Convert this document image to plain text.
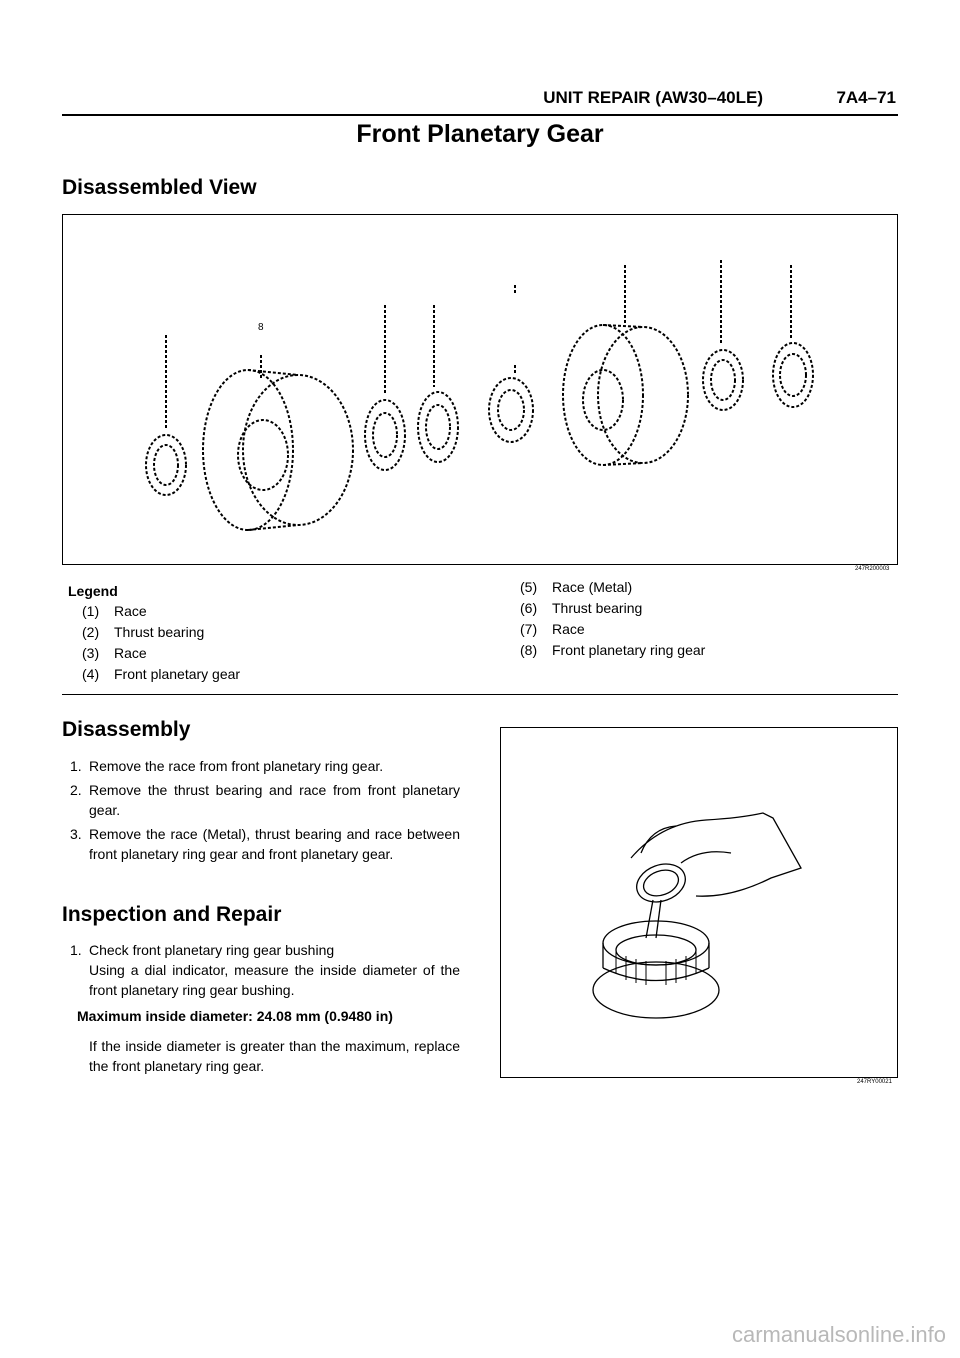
UNIT REPAIR (AW30–40LE)	7A4–71
Front Planetary Gear
Disassembled View
8
247R200003
Legend
(1) Race
(2) Thrust bearing
(3) Race
(4) Front planetary gear
(5) Race (Metal)
(6) Thrust bearing
(7) Race
(8) Front planetary ring gear
Disassembly
1. Remove the race from front planetary ring gear.
2. Remove the thrust bearing and race from front planetary gear.
3. Remove the race (Metal), thrust bearing and race between front planetary ring gear and front planetary gear.
Inspection and Repair
1. Check front planetary ring gear bushing
Using a dial indicator, measure the inside diameter of the front planetary ring gear bushing.
Maximum inside diameter: 24.08 mm (0.9480 in)
If the inside diameter is greater than the maximum, replace the front planetary ring gear.
247RY00021
carmanualsonline.info
